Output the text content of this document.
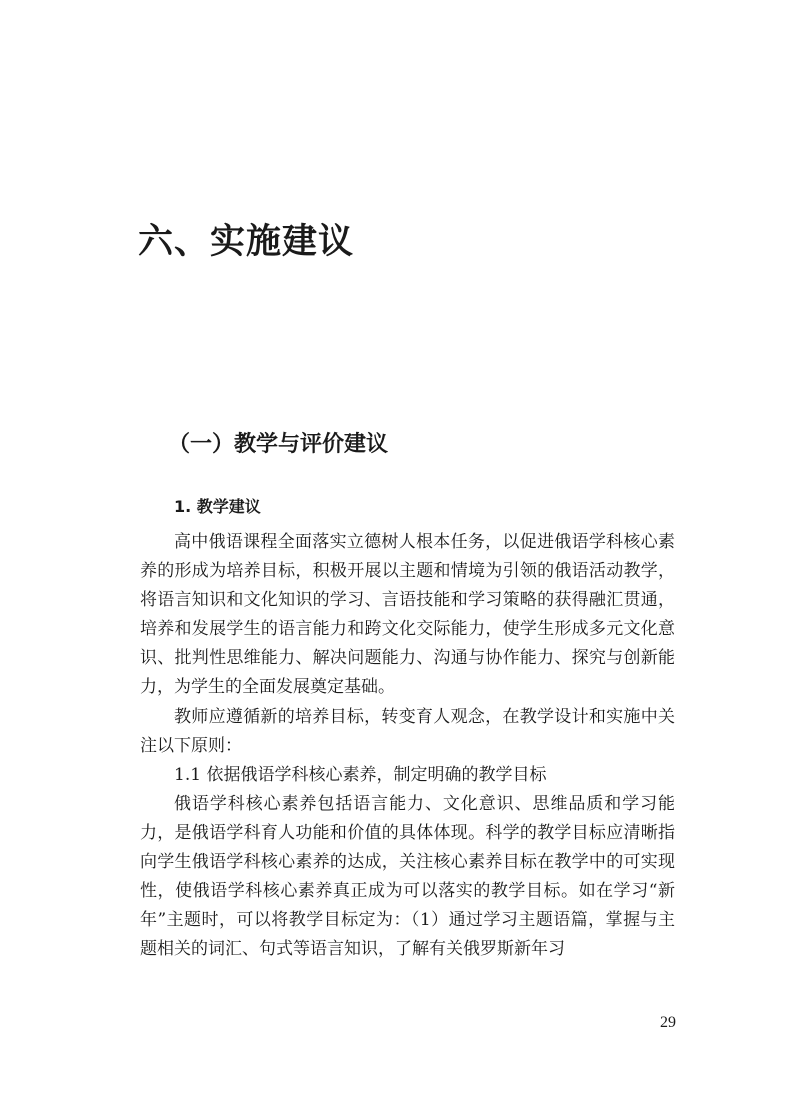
六、实施建议
（一）教学与评价建议
1. 教学建议

高中俄语课程全面落实立德树人根本任务，以促进俄语学科核心素养的形成为培养目标，积极开展以主题和情境为引领的俄语活动教学，将语言知识和文化知识的学习、言语技能和学习策略的获得融汇贯通，培养和发展学生的语言能力和跨文化交际能力，使学生形成多元文化意识、批判性思维能力、解决问题能力、沟通与协作能力、探究与创新能力，为学生的全面发展奠定基础。

教师应遵循新的培养目标，转变育人观念，在教学设计和实施中关注以下原则：

1.1 依据俄语学科核心素养，制定明确的教学目标

俄语学科核心素养包括语言能力、文化意识、思维品质和学习能力，是俄语学科育人功能和价值的具体体现。科学的教学目标应清晰指向学生俄语学科核心素养的达成，关注核心素养目标在教学中的可实现性，使俄语学科核心素养真正成为可以落实的教学目标。如在学习“新年”主题时，可以将教学目标定为：（1）通过学习主题语篇，掌握与主题相关的词汇、句式等语言知识，了解有关俄罗斯新年习

29
